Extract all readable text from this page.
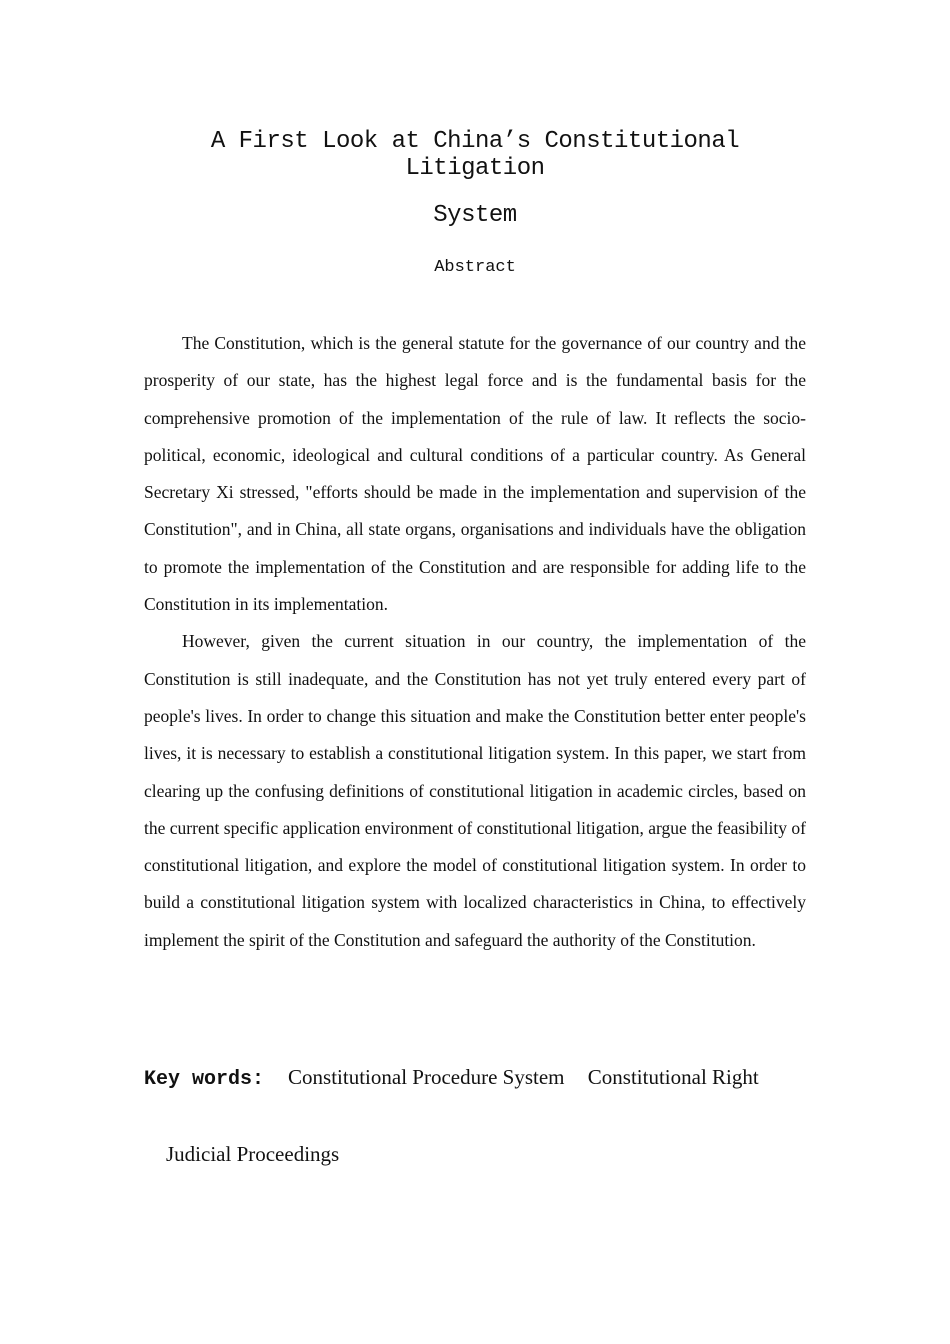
A First Look at China’s Constitutional Litigation
System
Abstract

The Constitution, which is the general statute for the governance of our country and the prosperity of our state, has the highest legal force and is the fundamental basis for the comprehensive promotion of the implementation of the rule of law. It reflects the socio-political, economic, ideological and cultural conditions of a particular country. As General Secretary Xi stressed, "efforts should be made in the implementation and supervision of the Constitution", and in China, all state organs, organisations and individuals have the obligation to promote the implementation of the Constitution and are responsible for adding life to the Constitution in its implementation.

However, given the current situation in our country, the implementation of the Constitution is still inadequate, and the Constitution has not yet truly entered every part of people's lives. In order to change this situation and make the Constitution better enter people's lives, it is necessary to establish a constitutional litigation system. In this paper, we start from clearing up the confusing definitions of constitutional litigation in academic circles, based on the current specific application environment of constitutional litigation, argue the feasibility of constitutional litigation, and explore the model of constitutional litigation system. In order to build a constitutional litigation system with localized characteristics in China, to effectively implement the spirit of the Constitution and safeguard the authority of the Constitution.

Key words: Constitutional Procedure System Constitutional Right
Judicial Proceedings
